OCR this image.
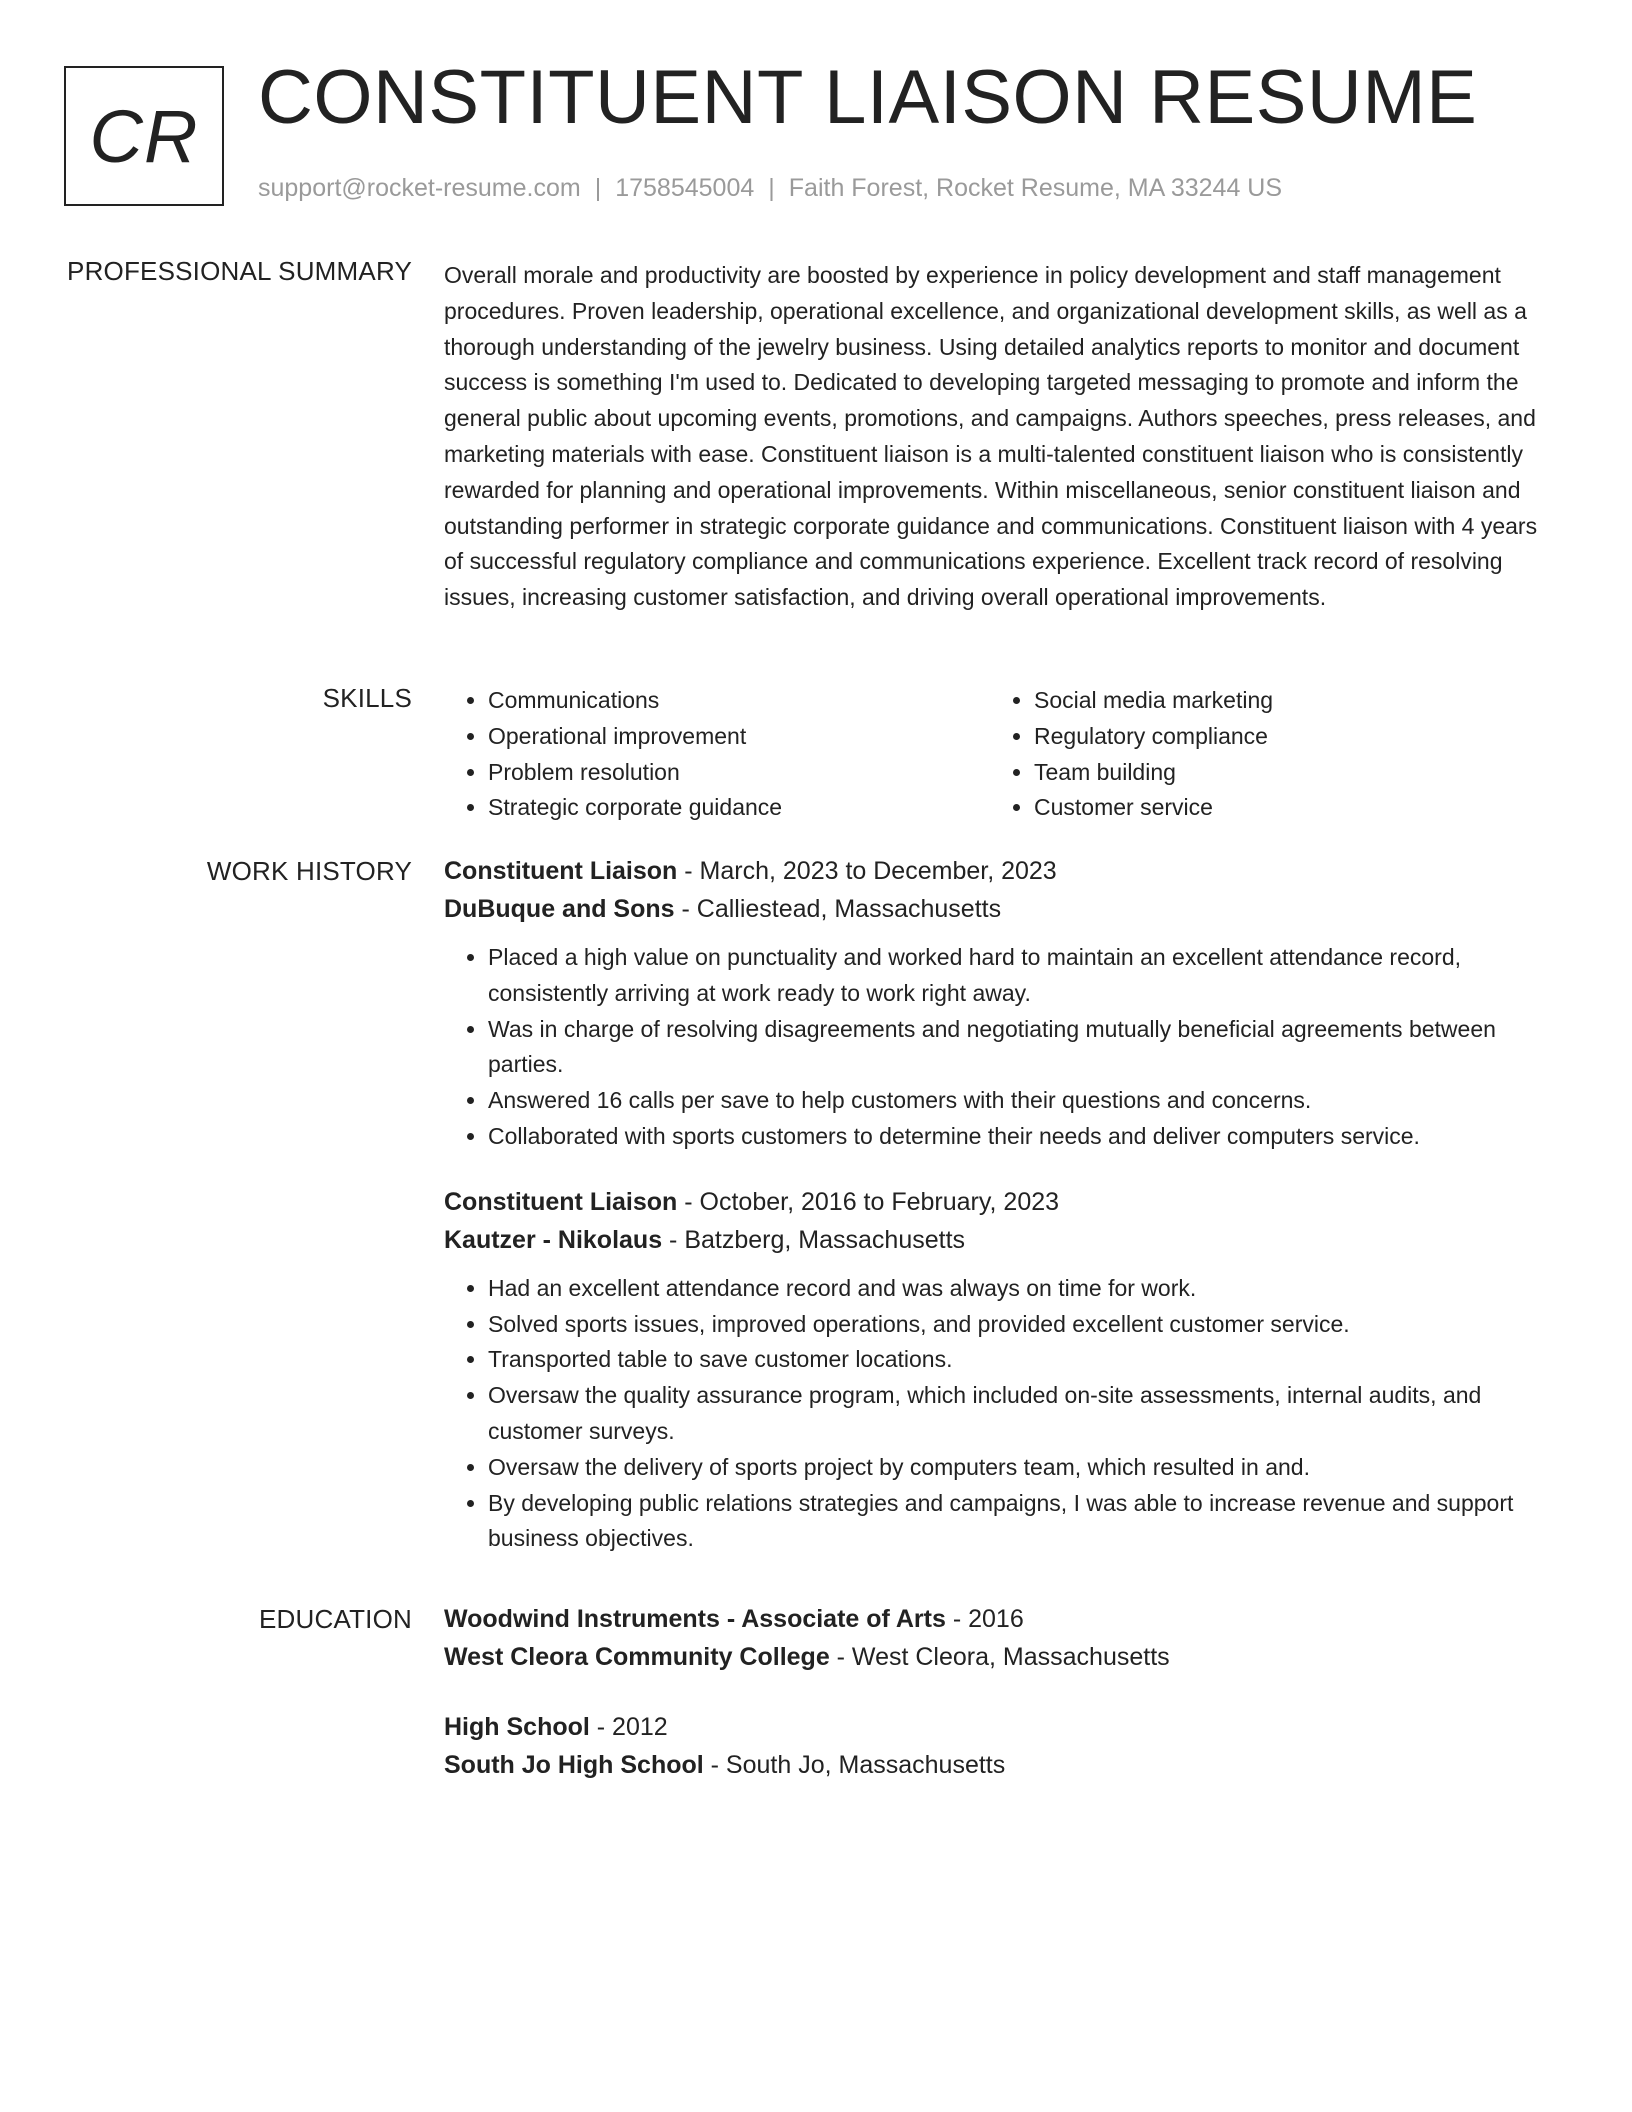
CR CONSTITUENT LIAISON RESUME
support@rocket-resume.com | 1758545004 | Faith Forest, Rocket Resume, MA 33244 US
PROFESSIONAL SUMMARY Overall morale and productivity are boosted by experience in policy development and staff management procedures. Proven leadership, operational excellence, and organizational development skills, as well as a thorough understanding of the jewelry business. Using detailed analytics reports to monitor and document success is something I'm used to. Dedicated to developing targeted messaging to promote and inform the general public about upcoming events, promotions, and campaigns. Authors speeches, press releases, and marketing materials with ease. Constituent liaison is a multi-talented constituent liaison who is consistently rewarded for planning and operational improvements. Within miscellaneous, senior constituent liaison and outstanding performer in strategic corporate guidance and communications. Constituent liaison with 4 years of successful regulatory compliance and communications experience. Excellent track record of resolving issues, increasing customer satisfaction, and driving overall operational improvements.

SKILLS
•	Communications
• Operational improvement
• Problem resolution
• Strategic corporate guidance
• Social media marketing
• Regulatory compliance
• Team building
• Customer service
WORK HISTORY Constituent Liaison - March, 2023 to December, 2023
DuBuque and Sons - Calliestead, Massachusetts
• Placed a high value on punctuality and worked hard to maintain an excellent attendance record, consistently arriving at work ready to work right away.
• Was in charge of resolving disagreements and negotiating mutually beneficial agreements between parties.
• Answered 16 calls per save to help customers with their questions and concerns.
• Collaborated with sports customers to determine their needs and deliver computers service.
Constituent Liaison - October, 2016 to February, 2023
Kautzer - Nikolaus - Batzberg, Massachusetts
• Had an excellent attendance record and was always on time for work.
• Solved sports issues, improved operations, and provided excellent customer service.
• Transported table to save customer locations.
• Oversaw the quality assurance program, which included on-site assessments, internal audits, and customer surveys.
• Oversaw the delivery of sports project by computers team, which resulted in and.
• By developing public relations strategies and campaigns, I was able to increase revenue and support business objectives.
EDUCATION Woodwind Instruments - Associate of Arts - 2016
West Cleora Community College - West Cleora, Massachusetts
High School - 2012
South Jo High School - South Jo, Massachusetts
